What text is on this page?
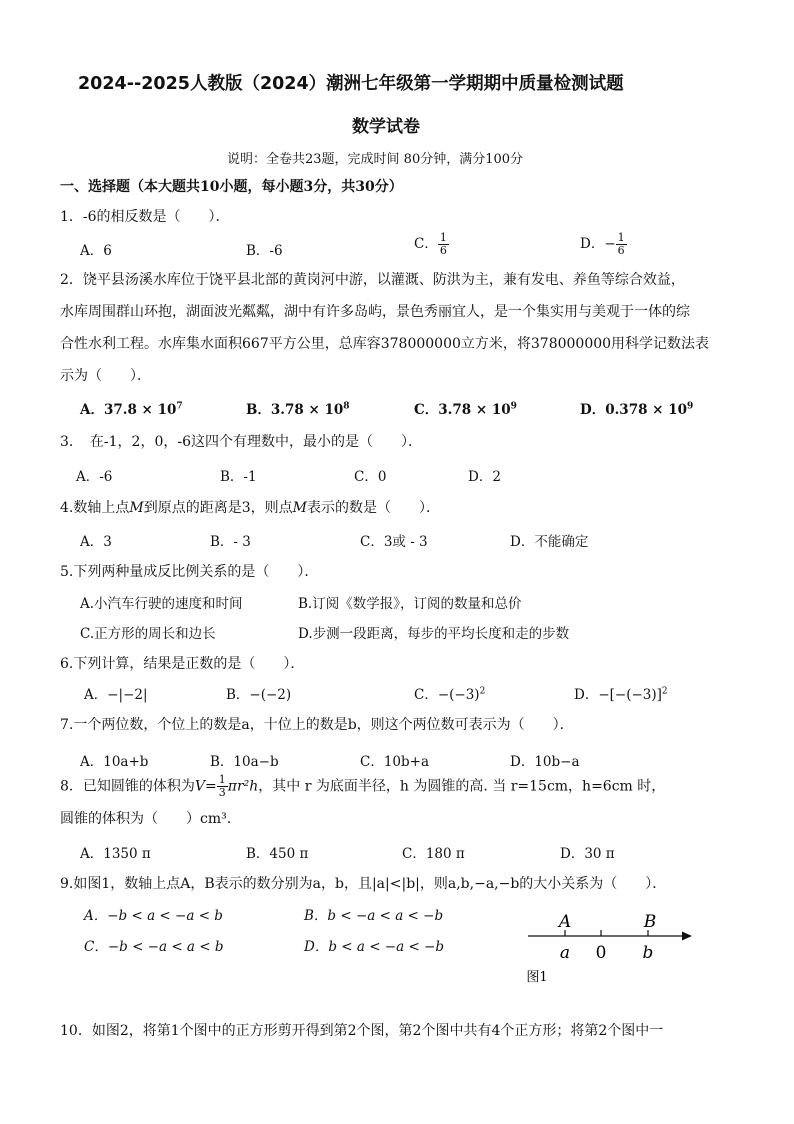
2024--2025人教版（2024）潮洲七年级第一学期期中质量检测试题
数学试卷
说明：全卷共23题，完成时间 80分钟，满分100分
一、选择题（本大题共10小题，每小题3分，共30分）
1．-6的相反数是（　　）．
A．6	B．-6	C． $\frac{1}{6}$	D．− $\frac{1}{6}$
2．饶平县汤溪水库位于饶平县北部的黄岗河中游，以灌溉、防洪为主，兼有发电、养鱼等综合效益，
水库周围群山环抱，湖面波光粼粼，湖中有许多岛屿，景色秀丽宜人，是一个集实用与美观于一体的综
合性水利工程。水库集水面积667平方公里，总库容378000000立方米，将378000000用科学记数法表
示为（　　）．
A．$37.8 \times 10^7$	B．$3.78 \times 10^8$	C．$3.78 \times 10^9$	D．$0.378 \times 10^9$
3．　在-1，2，0，-6这四个有理数中，最小的是（　　）．
A．-6	B．-1	C．0	D．2
4.数轴上点M到原点的距离是3，则点M表示的数是（　　）．
A．3	B．- 3	C．3或 - 3	D．不能确定
5.下列两种量成反比例关系的是（　　）．
A.小汽车行驶的速度和时间	B.订阅《数学报》，订阅的数量和总价
C.正方形的周长和边长	D.步测一段距离，每步的平均长度和走的步数
6.下列计算，结果是正数的是（　　）．
A．−|−2|	B．−(−2)	C．$-(-3)^2$	D．$-[-(-3)]^2$
7.一个两位数，个位上的数是a，十位上的数是b，则这个两位数可表示为（　　）．
A．10a+b	B．10a−b	C．10b+a	D．10b−a
8．已知圆锥的体积为$V= \frac{1}{3} \pi r^2h$，其中 r 为底面半径，h 为圆锥的高. 当 r=15cm，h=6cm 时，
圆锥的体积为（　　）cm³.
A．1350 π	B．450 π	C．180 π	D．30 π
9.如图1，数轴上点A，B表示的数分别为a，b，且|a|<|b|，则a,b,−a,−b的大小关系为（　　）．
A．−b < a < −a < b	B．b < −a < a < −b
C．−b < −a < a < b	D．b < a < −a < −b
A	B
a 0 b
图1
10．如图2，将第1个图中的正方形剪开得到第2个图，第2个图中共有4个正方形；将第2个图中一
